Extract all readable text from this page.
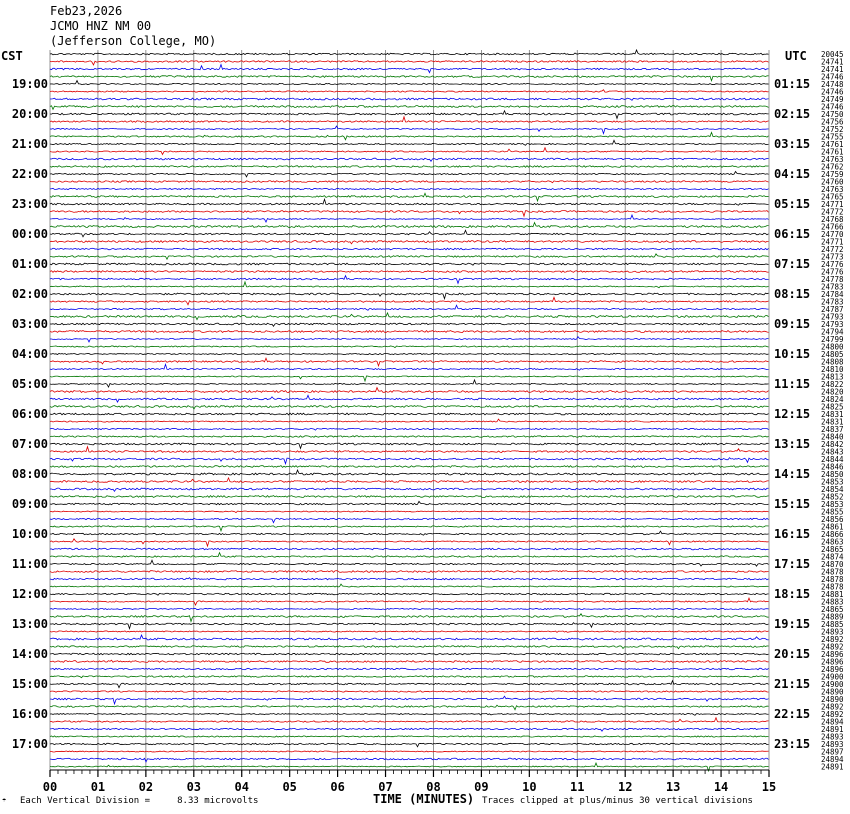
Feb23,2026
JCMO HNZ NM 00
(Jefferson College, MO)
CST	UTC
19:00
20:00
21:00
22:00
23:00
00:00
01:00
02:00
03:00
04:00
05:00
06:00
07:00
08:00
09:00
10:00
11:00
12:00
13:00
14:00
15:00
16:00
17:00
01:15
02:15
03:15
04:15
05:15
06:15
07:15
08:15
09:15
10:15
11:15
12:15
13:15
14:15
15:15
16:15
17:15
18:15
19:15
20:15
21:15
22:15
23:15
20045
24741
24741
24746
24748
24746
24749
24746
24750
24756
24752
24755
24761
24761
24763
24762
24759
24760
24763
24765
24771
24772
24768
24766
24770
24771
24772
24773
24776
24776
24778
24783
24784
24783
24787
24793
24793
24794
24799
24800
24805
24808
24810
24813
24822
24820
24824
24825
24831
24831
24837
24840
24842
24843
24844
24846
24850
24853
24854
24852
24853
24855
24856
24861
24866
24863
24865
24874
24870
24878
24878
24878
24881
24883
24865
24889
24885
24893
24892
24892
24896
24896
24896
24900
24900
24890
24890
24892
24892
24894
24891
24893
24893
24897
24894
24891
00	01	02	03	04	05	06	07	08	09	10	11	12	13	14	15
TIME (MINUTES)
☂ Each Vertical Division =     8.33 microvolts	Traces clipped at plus/minus 30 vertical divisions
